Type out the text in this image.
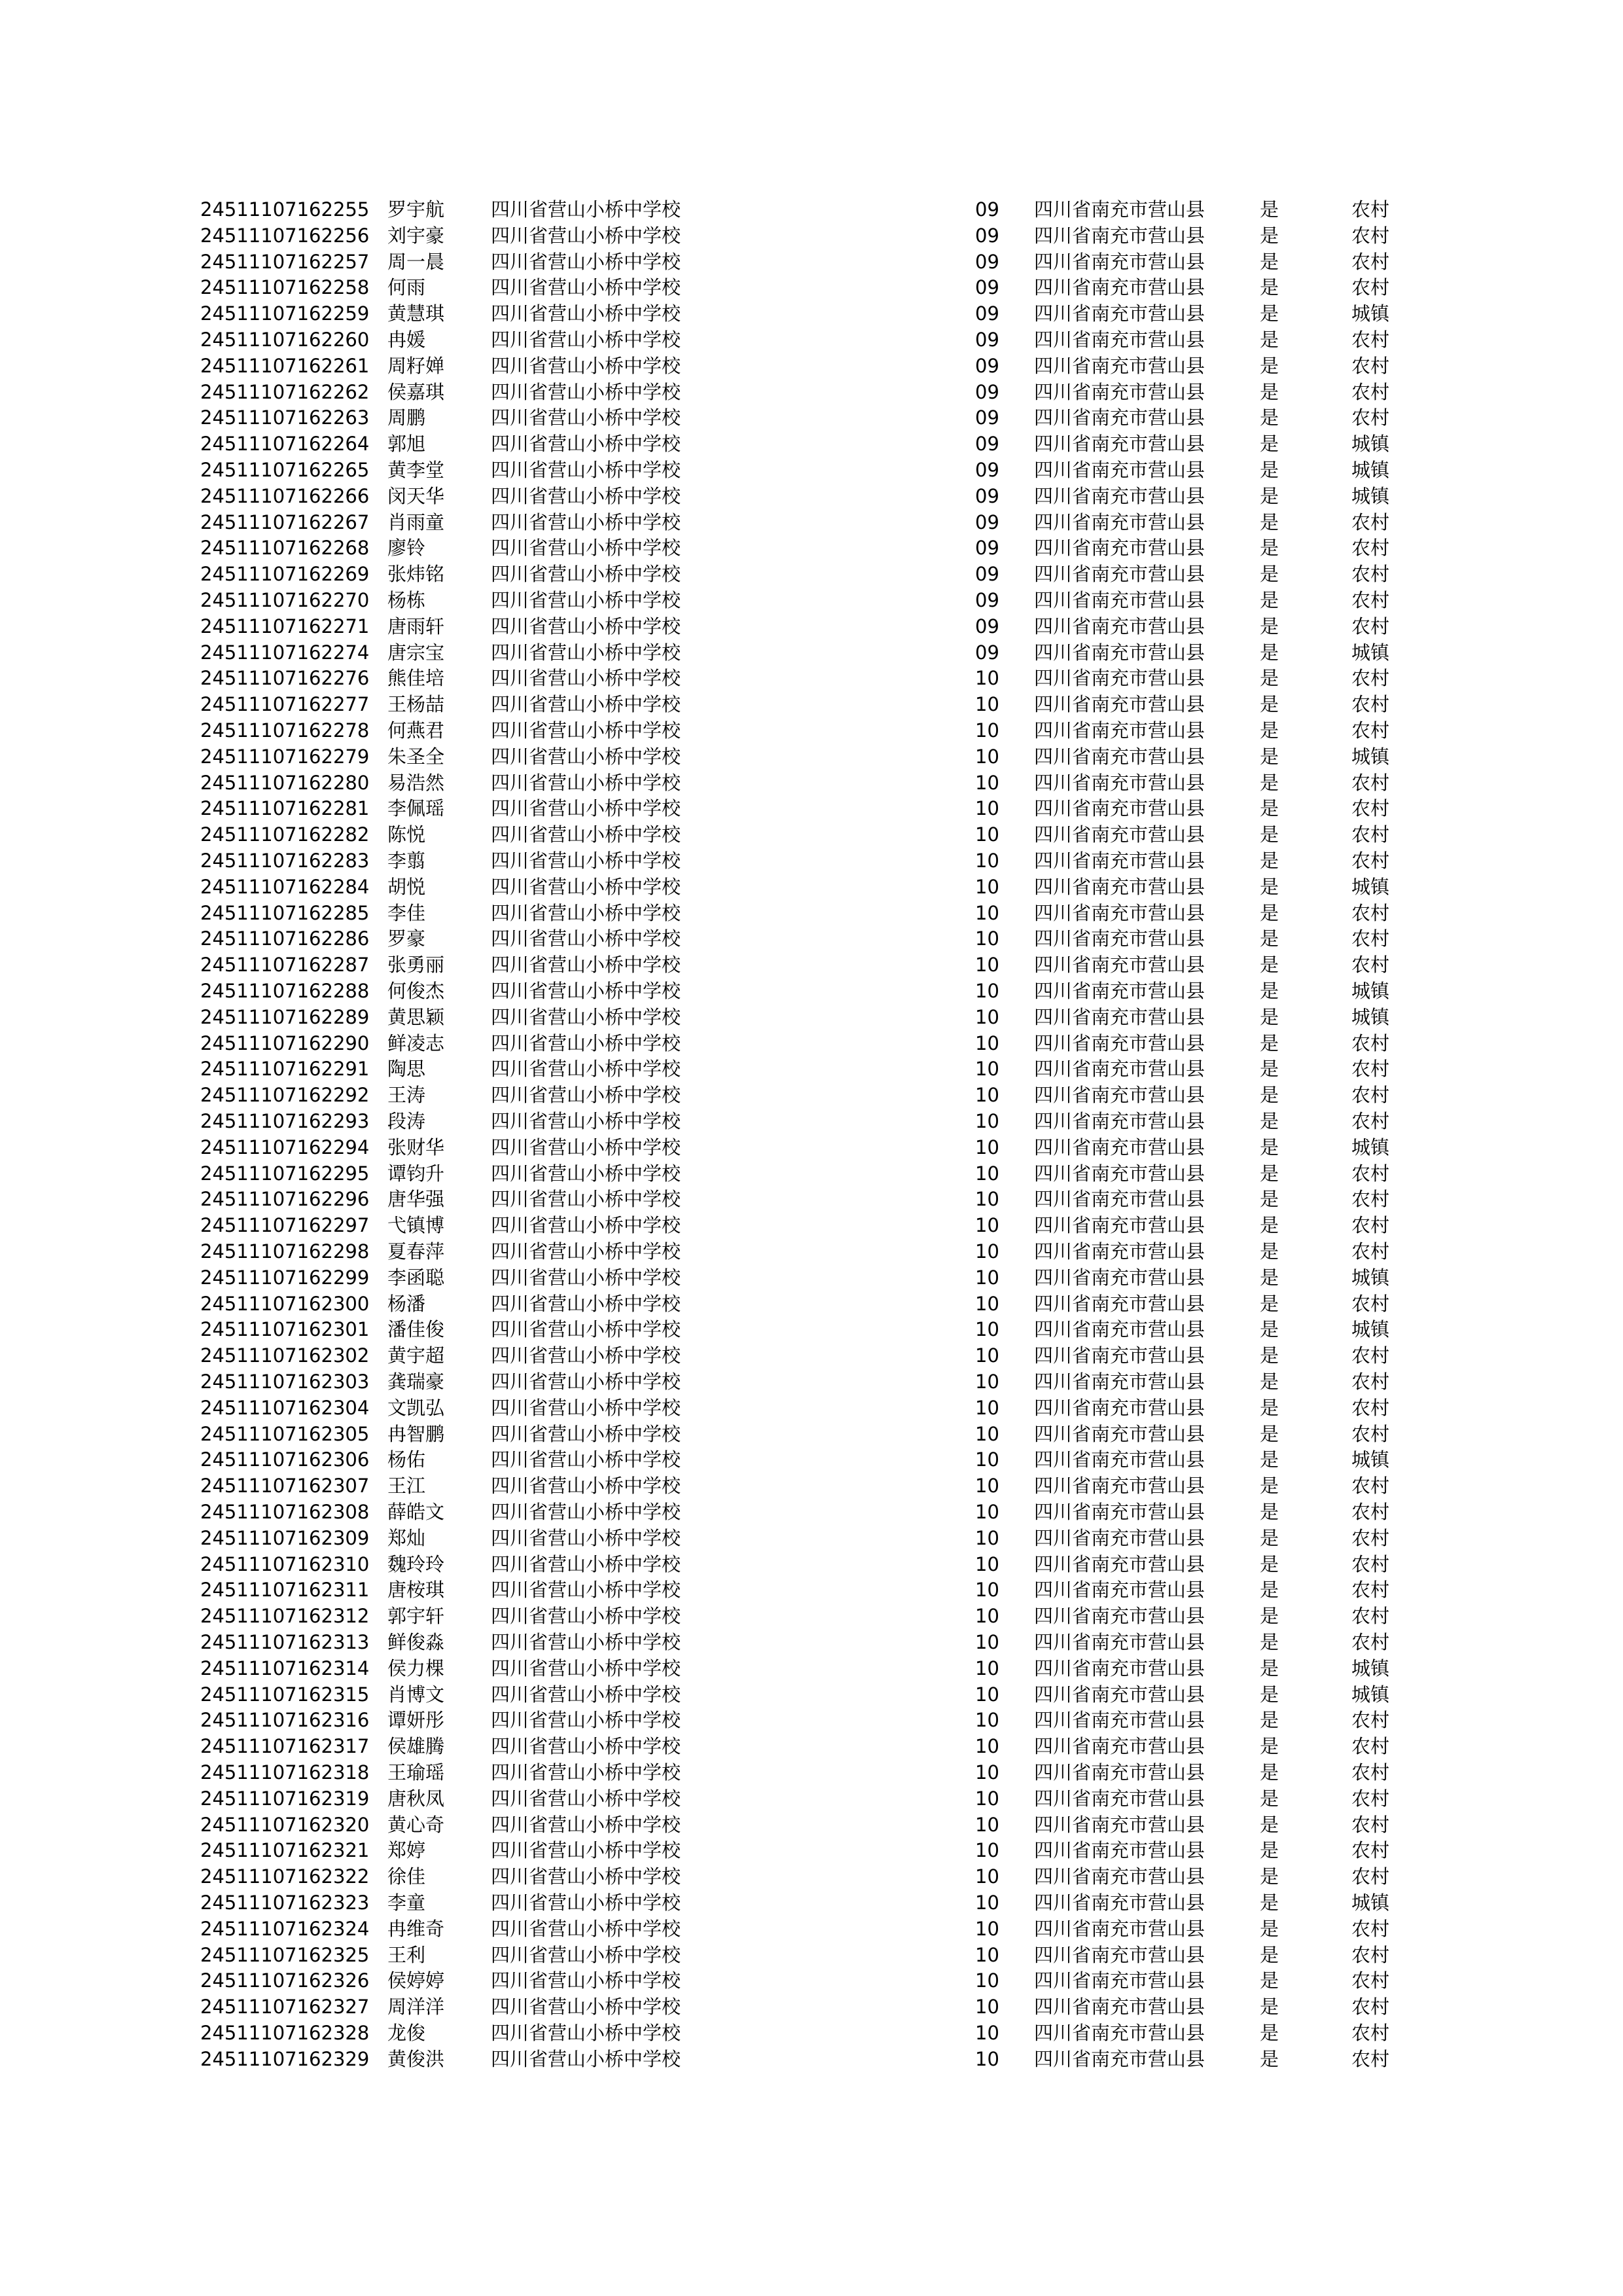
24511107162255 罗宇航 四川省营山小桥中学校	09 四川省南充市营山县	是	农村
24511107162256 刘宇豪 四川省营山小桥中学校	09 四川省南充市营山县	是	农村
24511107162257 周一晨 四川省营山小桥中学校	09 四川省南充市营山县	是	农村
24511107162258 何雨	四川省营山小桥中学校	09 四川省南充市营山县	是	农村
24511107162259 黄慧琪 四川省营山小桥中学校	09 四川省南充市营山县	是	城镇
24511107162260 冉媛	四川省营山小桥中学校	09 四川省南充市营山县	是	农村
24511107162261 周籽婵 四川省营山小桥中学校	09 四川省南充市营山县	是	农村
24511107162262 侯嘉琪 四川省营山小桥中学校	09 四川省南充市营山县	是	农村
24511107162263 周鹏	四川省营山小桥中学校	09 四川省南充市营山县	是	农村
24511107162264 郭旭	四川省营山小桥中学校	09 四川省南充市营山县	是	城镇
24511107162265 黄李堂 四川省营山小桥中学校	09 四川省南充市营山县	是	城镇
24511107162266 闵天华 四川省营山小桥中学校	09 四川省南充市营山县	是	城镇
24511107162267 肖雨童 四川省营山小桥中学校	09 四川省南充市营山县	是	农村
24511107162268 廖铃	四川省营山小桥中学校	09 四川省南充市营山县	是	农村
24511107162269 张炜铭 四川省营山小桥中学校	09 四川省南充市营山县	是	农村
24511107162270 杨栋	四川省营山小桥中学校	09 四川省南充市营山县	是	农村
24511107162271 唐雨轩 四川省营山小桥中学校	09 四川省南充市营山县	是	农村
24511107162274 唐宗宝 四川省营山小桥中学校	09 四川省南充市营山县	是	城镇
24511107162276 熊佳培 四川省营山小桥中学校	10 四川省南充市营山县	是	农村
24511107162277 王杨喆 四川省营山小桥中学校	10 四川省南充市营山县	是	农村
24511107162278 何燕君 四川省营山小桥中学校	10 四川省南充市营山县	是	农村
24511107162279 朱圣全 四川省营山小桥中学校	10 四川省南充市营山县	是	城镇
24511107162280 易浩然 四川省营山小桥中学校	10 四川省南充市营山县	是	农村
24511107162281 李佩瑶 四川省营山小桥中学校	10 四川省南充市营山县	是	农村
24511107162282 陈悦	四川省营山小桥中学校	10 四川省南充市营山县	是	农村
24511107162283 李翦	四川省营山小桥中学校	10 四川省南充市营山县	是	农村
24511107162284 胡悦	四川省营山小桥中学校	10 四川省南充市营山县	是	城镇
24511107162285 李佳	四川省营山小桥中学校	10 四川省南充市营山县	是	农村
24511107162286 罗豪	四川省营山小桥中学校	10 四川省南充市营山县	是	农村
24511107162287 张勇丽 四川省营山小桥中学校	10 四川省南充市营山县	是	农村
24511107162288 何俊杰 四川省营山小桥中学校	10 四川省南充市营山县	是	城镇
24511107162289 黄思颖 四川省营山小桥中学校	10 四川省南充市营山县	是	城镇
24511107162290 鲜凌志 四川省营山小桥中学校	10 四川省南充市营山县	是	农村
24511107162291 陶思	四川省营山小桥中学校	10 四川省南充市营山县	是	农村
24511107162292 王涛	四川省营山小桥中学校	10 四川省南充市营山县	是	农村
24511107162293 段涛	四川省营山小桥中学校	10 四川省南充市营山县	是	农村
24511107162294 张财华 四川省营山小桥中学校	10 四川省南充市营山县	是	城镇
24511107162295 谭钧升 四川省营山小桥中学校	10 四川省南充市营山县	是	农村
24511107162296 唐华强 四川省营山小桥中学校	10 四川省南充市营山县	是	农村
24511107162297 弋镇博 四川省营山小桥中学校	10 四川省南充市营山县	是	农村
24511107162298 夏春萍 四川省营山小桥中学校	10 四川省南充市营山县	是	农村
24511107162299 李函聪 四川省营山小桥中学校	10 四川省南充市营山县	是	城镇
24511107162300 杨潘	四川省营山小桥中学校	10 四川省南充市营山县	是	农村
24511107162301 潘佳俊 四川省营山小桥中学校	10 四川省南充市营山县	是	城镇
24511107162302 黄宇超 四川省营山小桥中学校	10 四川省南充市营山县	是	农村
24511107162303 龚瑞豪 四川省营山小桥中学校	10 四川省南充市营山县	是	农村
24511107162304 文凯弘 四川省营山小桥中学校	10 四川省南充市营山县	是	农村
24511107162305 冉智鹏 四川省营山小桥中学校	10 四川省南充市营山县	是	农村
24511107162306 杨佑	四川省营山小桥中学校	10 四川省南充市营山县	是	城镇
24511107162307 王江	四川省营山小桥中学校	10 四川省南充市营山县	是	农村
24511107162308 薛皓文 四川省营山小桥中学校	10 四川省南充市营山县	是	农村
24511107162309 郑灿	四川省营山小桥中学校	10 四川省南充市营山县	是	农村
24511107162310 魏玲玲 四川省营山小桥中学校	10 四川省南充市营山县	是	农村
24511107162311 唐桉琪 四川省营山小桥中学校	10 四川省南充市营山县	是	农村
24511107162312 郭宇轩 四川省营山小桥中学校	10 四川省南充市营山县	是	农村
24511107162313 鲜俊淼 四川省营山小桥中学校	10 四川省南充市营山县	是	农村
24511107162314 侯力棵 四川省营山小桥中学校	10 四川省南充市营山县	是	城镇
24511107162315 肖博文 四川省营山小桥中学校	10 四川省南充市营山县	是	城镇
24511107162316 谭妍彤 四川省营山小桥中学校	10 四川省南充市营山县	是	农村
24511107162317 侯雄腾 四川省营山小桥中学校	10 四川省南充市营山县	是	农村
24511107162318 王瑜瑶 四川省营山小桥中学校	10 四川省南充市营山县	是	农村
24511107162319 唐秋凤 四川省营山小桥中学校	10 四川省南充市营山县	是	农村
24511107162320 黄心奇 四川省营山小桥中学校	10 四川省南充市营山县	是	农村
24511107162321 郑婷	四川省营山小桥中学校	10 四川省南充市营山县	是	农村
24511107162322 徐佳	四川省营山小桥中学校	10 四川省南充市营山县	是	农村
24511107162323 李童	四川省营山小桥中学校	10 四川省南充市营山县	是	城镇
24511107162324 冉维奇 四川省营山小桥中学校	10 四川省南充市营山县	是	农村
24511107162325 王利	四川省营山小桥中学校	10 四川省南充市营山县	是	农村
24511107162326 侯婷婷 四川省营山小桥中学校	10 四川省南充市营山县	是	农村
24511107162327 周洋洋 四川省营山小桥中学校	10 四川省南充市营山县	是	农村
24511107162328 龙俊	四川省营山小桥中学校	10 四川省南充市营山县	是	农村
24511107162329 黄俊洪 四川省营山小桥中学校	10 四川省南充市营山县	是	农村
